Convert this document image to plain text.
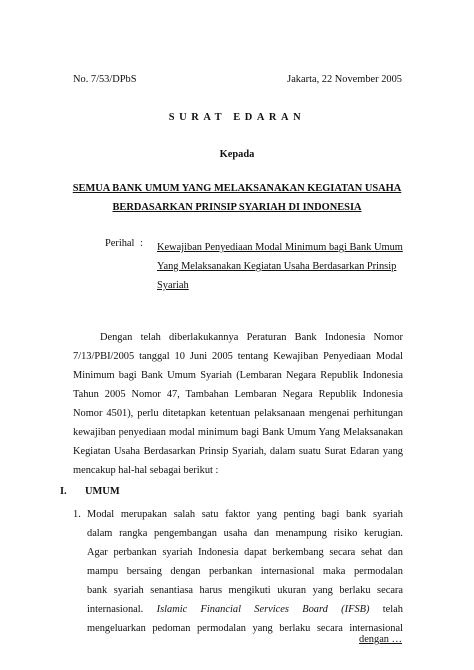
No. 7/53/DPbS	Jakarta, 22 November 2005
SURAT EDARAN
Kepada
SEMUA BANK UMUM YANG MELAKSANAKAN KEGIATAN USAHA
BERDASARKAN PRINSIP SYARIAH DI INDONESIA
Perihal : Kewajiban Penyediaan Modal Minimum bagi Bank Umum
Yang Melaksanakan Kegiatan Usaha Berdasarkan Prinsip
Syariah
Dengan telah diberlakukannya Peraturan Bank Indonesia Nomor
7/13/PBI/2005 tanggal 10 Juni 2005 tentang Kewajiban Penyediaan Modal
Minimum bagi Bank Umum Syariah (Lembaran Negara Republik Indonesia
Tahun 2005 Nomor 47, Tambahan Lembaran Negara Republik Indonesia
Nomor 4501), perlu ditetapkan ketentuan pelaksanaan mengenai perhitungan
kewajiban penyediaan modal minimum bagi Bank Umum Yang Melaksanakan
Kegiatan Usaha Berdasarkan Prinsip Syariah, dalam suatu Surat Edaran yang
mencakup hal-hal sebagai berikut :
I. UMUM
1. Modal merupakan salah satu faktor yang penting bagi bank syariah
dalam rangka pengembangan usaha dan menampung risiko kerugian.
Agar perbankan syariah Indonesia dapat berkembang secara sehat dan
mampu bersaing dengan perbankan internasional maka permodalan
bank syariah senantiasa harus mengikuti ukuran yang berlaku secara
internasional. Islamic Financial Services Board (IFSB) telah
mengeluarkan pedoman permodalan yang berlaku secara internasional
dengan …
